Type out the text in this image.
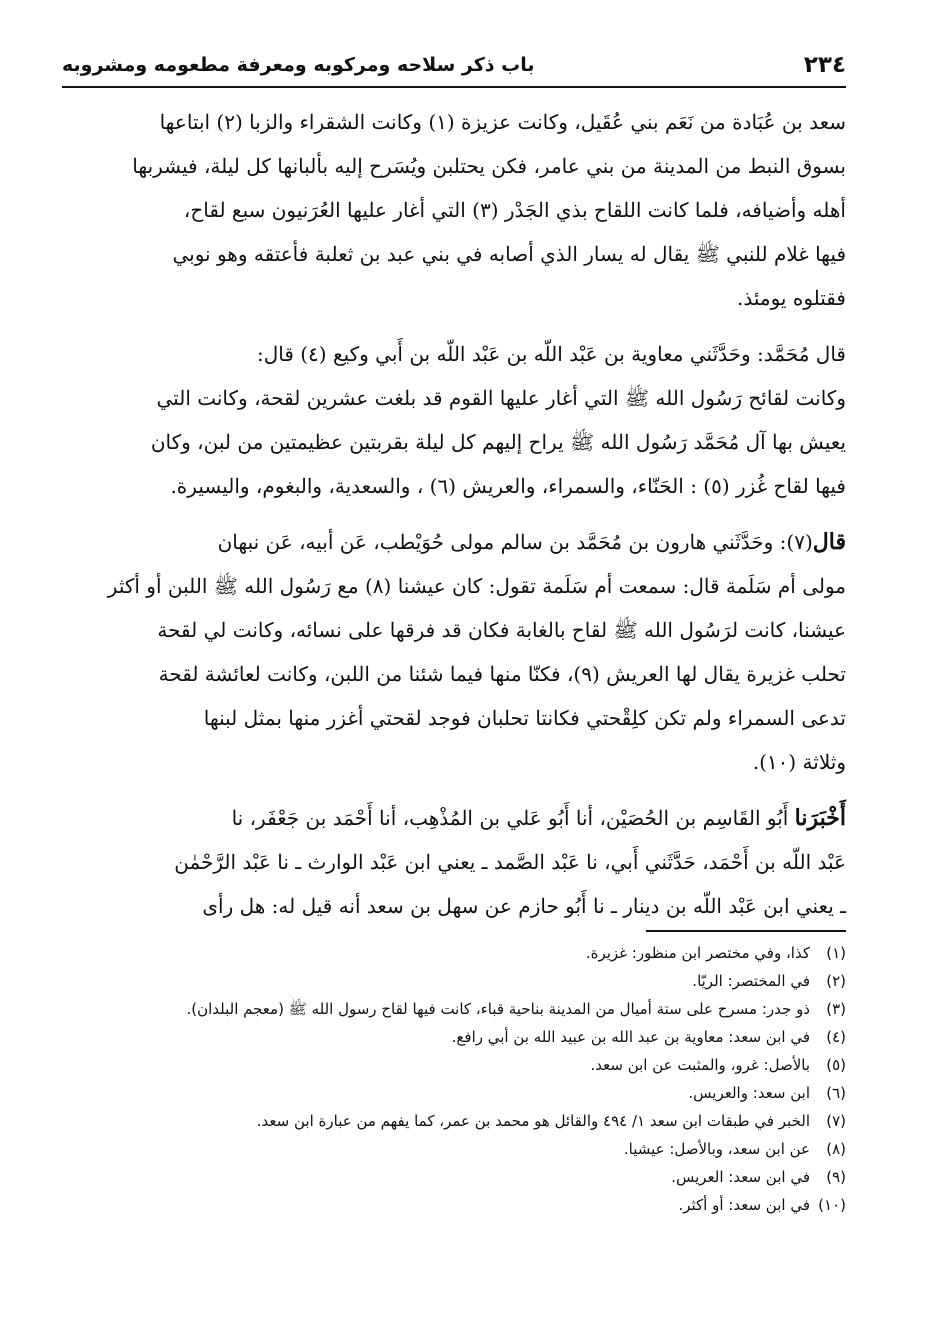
٢٣٤
باب ذكر سلاحه ومركوبه ومعرفة مطعومه ومشروبه

سعد بن عُبَادة من نَعَم بني عُقَيل، وكانت عزيزة (١) وكانت الشقراء والزبا (٢) ابتاعها

بسوق النبط من المدينة من بني عامر، فكن يحتلبن ويُسَرح إليه بألبانها كل ليلة، فيشربها

أهله وأضيافه، فلما كانت اللقاح بذي الجَدْر (٣) التي أغار عليها العُرَنيون سبع لقاح،

فيها غلام للنبي ﷺ يقال له يسار الذي أصابه في بني عبد بن ثعلبة فأعتقه وهو نوبي

فقتلوه يومئذ.

قال مُحَمَّد: وحَدَّثَني معاوية بن عَبْد اللّه بن عَبْد اللّه بن أَبي وكيع (٤) قال:

وكانت لقائح رَسُول الله ﷺ التي أغار عليها القوم قد بلغت عشرين لقحة، وكانت التي

يعيش بها آل مُحَمَّد رَسُول الله ﷺ يراح إليهم كل ليلة بقربتين عظيمتين من لبن، وكان

فيها لقاح غُزر (٥) : الحَنّاء، والسمراء، والعريش (٦) ، والسعدية، والبغوم، واليسيرة.

قال(٧): وحَدَّثَني هارون بن مُحَمَّد بن سالم مولى حُوَيْطب، عَن أبيه، عَن نبهان

مولى أم سَلَمة قال: سمعت أم سَلَمة تقول: كان عيشنا (٨) مع رَسُول الله ﷺ اللبن أو أكثر

عيشنا، كانت لرَسُول الله ﷺ لقاح بالغابة فكان قد فرقها على نسائه، وكانت لي لقحة

تحلب غزيرة يقال لها العريش (٩)، فكنّا منها فيما شئنا من اللبن، وكانت لعائشة لقحة

تدعى السمراء ولم تكن كلِقْحتي فكانتا تحلبان فوجد لقحتي أغزر منها بمثل لبنها

وثلاثة (١٠).

أَخْبَرَنا أَبُو القَاسِم بن الحُصَيْن، أنا أَبُو عَلي بن المُذْهِب، أنا أَحْمَد بن جَعْفَر، نا

عَبْد اللّه بن أَحْمَد، حَدَّثَني أَبي، نا عَبْد الصَّمد ـ يعني ابن عَبْد الوارث ـ نا عَبْد الرَّحْمٰن

ـ يعني ابن عَبْد اللّه بن دينار ـ نا أَبُو حازم عن سهل بن سعد أنه قيل له: هل رأى

(١)
كذا، وفي مختصر ابن منظور: غزيرة.
(٢)
في المختصر: الريّا.
(٣)
ذو جدر: مسرح على ستة أميال من المدينة بناحية قباء، كانت فيها لقاح رسول الله ﷺ (معجم البلدان).
(٤)
في ابن سعد: معاوية بن عبد الله بن عبيد الله بن أبي رافع.
(٥)
بالأصل: غرو، والمثبت عن ابن سعد.
(٦)
ابن سعد: والعريس.
(٧)
الخبر في طبقات ابن سعد ١/ ٤٩٤ والقائل هو محمد بن عمر، كما يفهم من عبارة ابن سعد.
(٨)
عن ابن سعد، وبالأصل: عيشيا.
(٩)
في ابن سعد: العريس.
(١٠)
في ابن سعد: أو أكثر.
